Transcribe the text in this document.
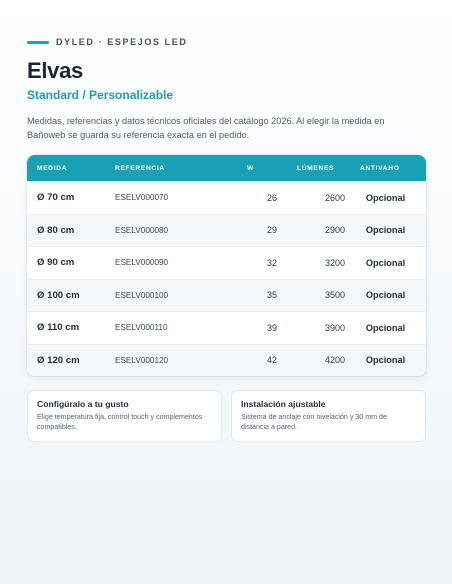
DYLED · ESPEJOS LED
Elvas
Standard / Personalizable

Medidas, referencias y datos técnicos oficiales del catálogo 2026. Al elegir la medida en Bañoweb se guarda su referencia exacta en el pedido.

MEDIDA	REFERENCIA	W	LÚMENES	ANTIVAHO
Ø 70 cm	ESELV000070	26	2600	Opcional
Ø 80 cm	ESELV000080	29	2900	Opcional
Ø 90 cm	ESELV000090	32	3200	Opcional
Ø 100 cm	ESELV000100	35	3500	Opcional
Ø 110 cm	ESELV000110	39	3900	Opcional
Ø 120 cm	ESELV000120	42	4200	Opcional
Configúralo a tu gusto
Elige temperatura fija, control touch y complementos compatibles.
Instalación ajustable
Sistema de anclaje con nivelación y 30 mm de distancia a pared.
